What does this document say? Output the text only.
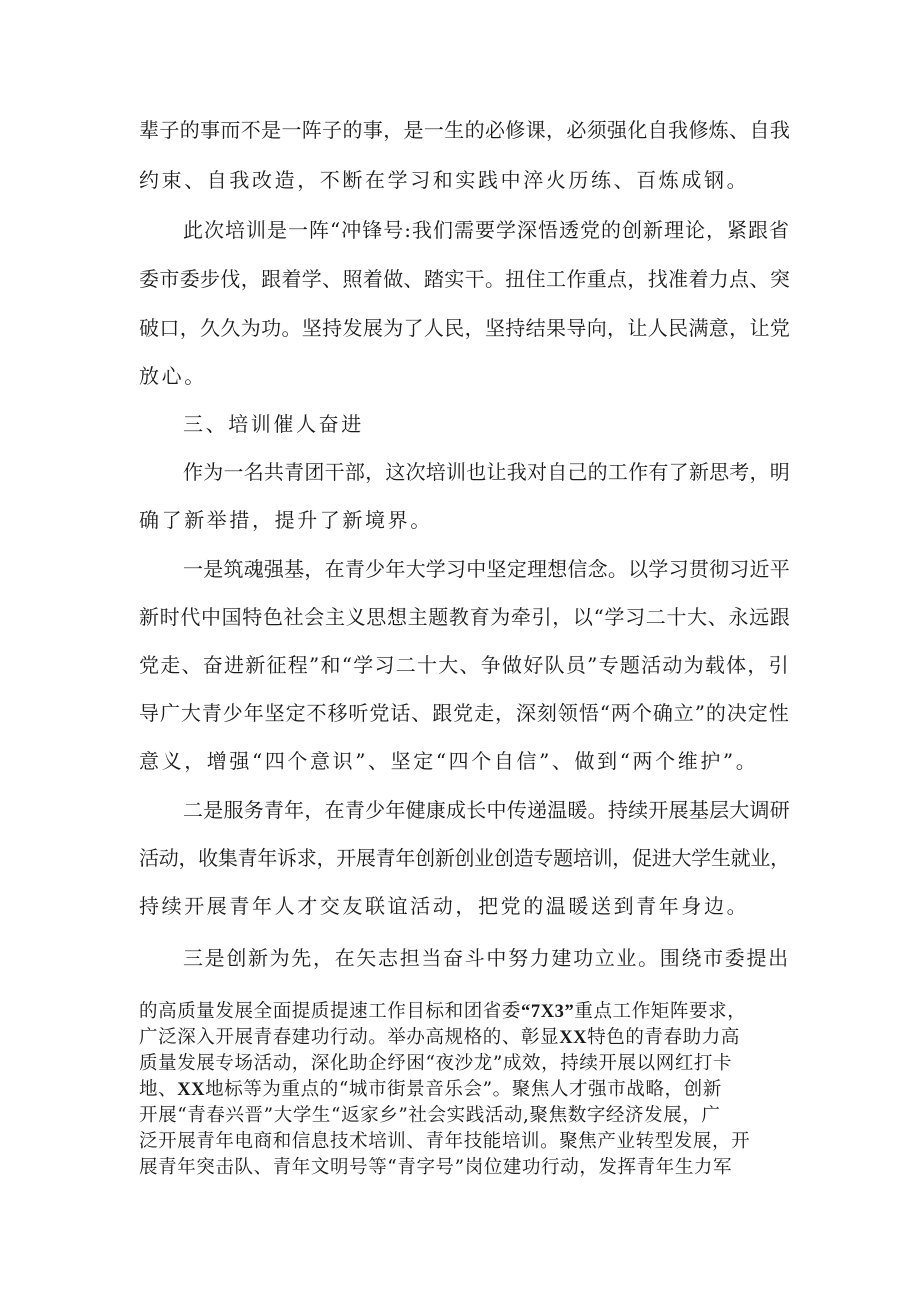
辈子的事而不是一阵子的事，是一生的必修课，必须强化自我修炼、自我
约束、自我改造，不断在学习和实践中淬火历练、百炼成钢。
此次培训是一阵“冲锋号:我们需要学深悟透党的创新理论，紧跟省
委市委步伐，跟着学、照着做、踏实干。扭住工作重点，找准着力点、突
破口，久久为功。坚持发展为了人民，坚持结果导向，让人民满意，让党
放心。
三、培训催人奋进
作为一名共青团干部，这次培训也让我对自己的工作有了新思考，明
确了新举措，提升了新境界。
一是筑魂强基，在青少年大学习中坚定理想信念。以学习贯彻习近平
新时代中国特色社会主义思想主题教育为牵引，以“学习二十大、永远跟
党走、奋进新征程”和“学习二十大、争做好队员”专题活动为载体，引
导广大青少年坚定不移听党话、跟党走，深刻领悟“两个确立”的决定性
意义，增强“四个意识”、坚定“四个自信”、做到“两个维护”。
二是服务青年，在青少年健康成长中传递温暖。持续开展基层大调研
活动，收集青年诉求，开展青年创新创业创造专题培训，促进大学生就业，
持续开展青年人才交友联谊活动，把党的温暖送到青年身边。
三是创新为先，在矢志担当奋斗中努力建功立业。围绕市委提出
的高质量发展全面提质提速工作目标和团省委“7X3”重点工作矩阵要求，
广泛深入开展青春建功行动。举办高规格的、彰显XX特色的青春助力高
质量发展专场活动，深化助企纾困“夜沙龙”成效，持续开展以网红打卡
地、XX地标等为重点的“城市街景音乐会”。聚焦人才强市战略，创新
开展“青春兴晋”大学生“返家乡”社会实践活动,聚焦数字经济发展，广
泛开展青年电商和信息技术培训、青年技能培训。聚焦产业转型发展，开
展青年突击队、青年文明号等“青字号”岗位建功行动，发挥青年生力军
